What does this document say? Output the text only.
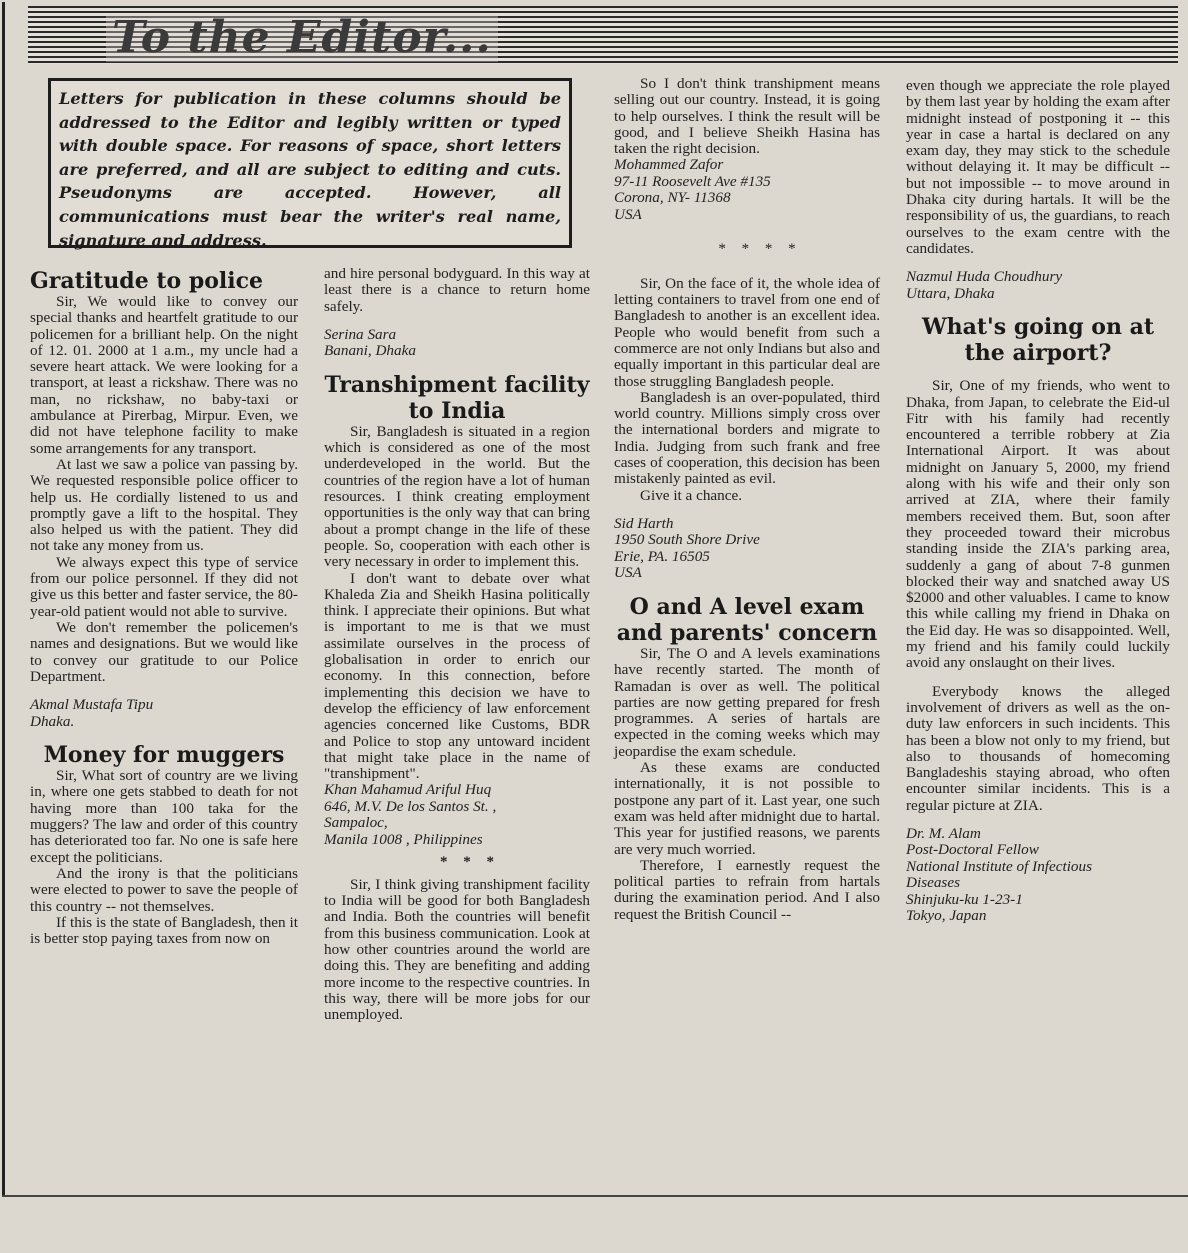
To the Editor...
Letters for publication in these columns should be addressed to the Editor and legibly written or typed with double space. For reasons of space, short letters are preferred, and all are subject to editing and cuts. Pseudonyms are accepted. However, all communications must bear the writer's real name, signature and address.
Gratitude to police

Sir, We would like to convey our special thanks and heartfelt gratitude to our policemen for a brilliant help. On the night of 12. 01. 2000 at 1 a.m., my uncle had a severe heart attack. We were looking for a transport, at least a rickshaw. There was no man, no rickshaw, no baby-taxi or ambulance at Pirerbag, Mirpur. Even, we did not have telephone facility to make some arrangements for any transport.

At last we saw a police van passing by. We requested responsible police officer to help us. He cordially listened to us and promptly gave a lift to the hospital. They also helped us with the patient. They did not take any money from us.

We always expect this type of service from our police personnel. If they did not give us this better and faster service, the 80-year-old patient would not able to survive.

We don't remember the policemen's names and designations. But we would like to convey our gratitude to our Police Department.

Akmal Mustafa Tipu
Dhaka.

Money for muggers

Sir, What sort of country are we living in, where one gets stabbed to death for not having more than 100 taka for the muggers? The law and order of this country has deteriorated too far. No one is safe here except the politicians.

And the irony is that the politicians were elected to power to save the people of this country -- not themselves.

If this is the state of Bangladesh, then it is better stop paying taxes from now on

and hire personal bodyguard. In this way at least there is a chance to return home safely.

Serina Sara
Banani, Dhaka

Transhipment facility to India

Sir, Bangladesh is situated in a region which is considered as one of the most underdeveloped in the world. But the countries of the region have a lot of human resources. I think creating employment opportunities is the only way that can bring about a prompt change in the life of these people. So, cooperation with each other is very necessary in order to implement this.

I don't want to debate over what Khaleda Zia and Sheikh Hasina politically think. I appreciate their opinions. But what is important to me is that we must assimilate ourselves in the process of globalisation in order to enrich our economy. In this connection, before implementing this decision we have to develop the efficiency of law enforcement agencies concerned like Customs, BDR and Police to stop any untoward incident that might take place in the name of "transhipment".

Khan Mahamud Ariful Huq
646, M.V. De los Santos St. ,
Sampaloc,
Manila 1008 , Philippines

* * *

Sir, I think giving transhipment facility to India will be good for both Bangladesh and India. Both the countries will benefit from this business communication. Look at how other countries around the world are doing this. They are benefiting and adding more income to the respective countries. In this way, there will be more jobs for our unemployed.

So I don't think transhipment means selling out our country. Instead, it is going to help ourselves. I think the result will be good, and I believe Sheikh Hasina has taken the right decision.

Mohammed Zafor
97-11 Roosevelt Ave #135
Corona, NY- 11368
USA

* * * *

Sir, On the face of it, the whole idea of letting containers to travel from one end of Bangladesh to another is an excellent idea. People who would benefit from such a commerce are not only Indians but also and equally important in this particular deal are those struggling Bangladesh people.

Bangladesh is an over-populated, third world country. Millions simply cross over the international borders and migrate to India. Judging from such frank and free cases of cooperation, this decision has been mistakenly painted as evil.

Give it a chance.

Sid Harth
1950 South Shore Drive
Erie, PA. 16505
USA

O and A level exam and parents' concern

Sir, The O and A levels examinations have recently started. The month of Ramadan is over as well. The political parties are now getting prepared for fresh programmes. A series of hartals are expected in the coming weeks which may jeopardise the exam schedule.

As these exams are conducted internationally, it is not possible to postpone any part of it. Last year, one such exam was held after midnight due to hartal. This year for justified reasons, we parents are very much worried.

Therefore, I earnestly request the political parties to refrain from hartals during the examination period. And I also request the British Council --

even though we appreciate the role played by them last year by holding the exam after midnight instead of postponing it -- this year in case a hartal is declared on any exam day, they may stick to the schedule without delaying it. It may be difficult -- but not impossible -- to move around in Dhaka city during hartals. It will be the responsibility of us, the guardians, to reach ourselves to the exam centre with the candidates.

Nazmul Huda Choudhury
Uttara, Dhaka

What's going on at the airport?

Sir, One of my friends, who went to Dhaka, from Japan, to celebrate the Eid-ul Fitr with his family had recently encountered a terrible robbery at Zia International Airport. It was about midnight on January 5, 2000, my friend along with his wife and their only son arrived at ZIA, where their family members received them. But, soon after they proceeded toward their microbus standing inside the ZIA's parking area, suddenly a gang of about 7-8 gunmen blocked their way and snatched away US $2000 and other valuables. I came to know this while calling my friend in Dhaka on the Eid day. He was so disappointed. Well, my friend and his family could luckily avoid any onslaught on their lives.

Everybody knows the alleged involvement of drivers as well as the on-duty law enforcers in such incidents. This has been a blow not only to my friend, but also to thousands of homecoming Bangladeshis staying abroad, who often encounter similar incidents. This is a regular picture at ZIA.

Dr. M. Alam
Post-Doctoral Fellow
National Institute of Infectious
Diseases
Shinjuku-ku 1-23-1
Tokyo, Japan
